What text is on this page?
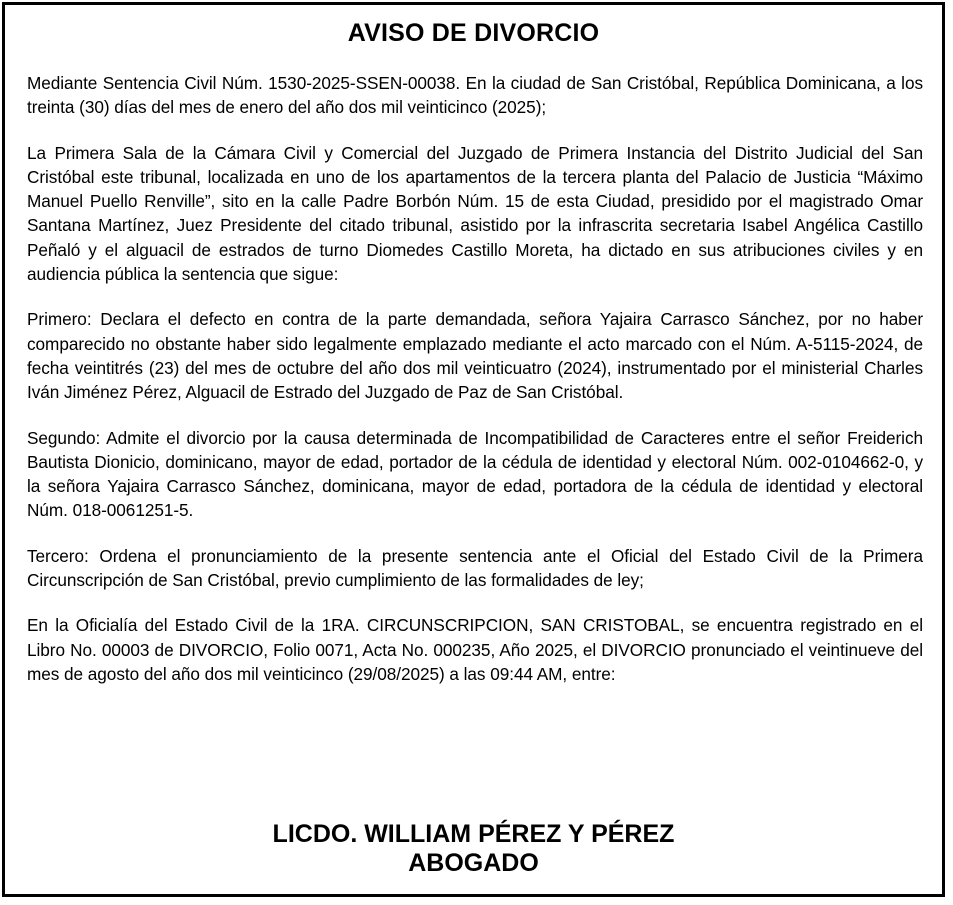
AVISO DE DIVORCIO

Mediante Sentencia Civil Núm. 1530-2025-SSEN-00038. En la ciudad de San Cristóbal, República Dominicana, a los treinta (30) días del mes de enero del año dos mil veinticinco (2025);

La Primera Sala de la Cámara Civil y Comercial del Juzgado de Primera Instancia del Distrito Judicial del San Cristóbal este tribunal, localizada en uno de los apartamentos de la tercera planta del Palacio de Justicia “Máximo Manuel Puello Renville”, sito en la calle Padre Borbón Núm. 15 de esta Ciudad, presidido por el magistrado Omar Santana Martínez, Juez Presidente del citado tribunal, asistido por la infrascrita secretaria Isabel Angélica Castillo Peñaló y el alguacil de estrados de turno Diomedes Castillo Moreta, ha dictado en sus atribuciones civiles y en audiencia pública la sentencia que sigue:

Primero: Declara el defecto en contra de la parte demandada, señora Yajaira Carrasco Sánchez, por no haber comparecido no obstante haber sido legalmente emplazado mediante el acto marcado con el Núm. A-5115-2024, de fecha veintitrés (23) del mes de octubre del año dos mil veinticuatro (2024), instrumentado por el ministerial Charles Iván Jiménez Pérez, Alguacil de Estrado del Juzgado de Paz de San Cristóbal.

Segundo: Admite el divorcio por la causa determinada de Incompatibilidad de Caracteres entre el señor Freiderich Bautista Dionicio, dominicano, mayor de edad, portador de la cédula de identidad y electoral Núm. 002-0104662-0, y la señora Yajaira Carrasco Sánchez, dominicana, mayor de edad, portadora de la cédula de identidad y electoral Núm. 018-0061251-5.

Tercero: Ordena el pronunciamiento de la presente sentencia ante el Oficial del Estado Civil de la Primera Circunscripción de San Cristóbal, previo cumplimiento de las formalidades de ley;

En la Oficialía del Estado Civil de la 1RA. CIRCUNSCRIPCION, SAN CRISTOBAL, se encuentra registrado en el Libro No. 00003 de DIVORCIO, Folio 0071, Acta No. 000235, Año 2025, el DIVORCIO pronunciado el veintinueve del mes de agosto del año dos mil veinticinco (29/08/2025) a las 09:44 AM, entre:

LICDO. WILLIAM PÉREZ Y PÉREZ
ABOGADO
